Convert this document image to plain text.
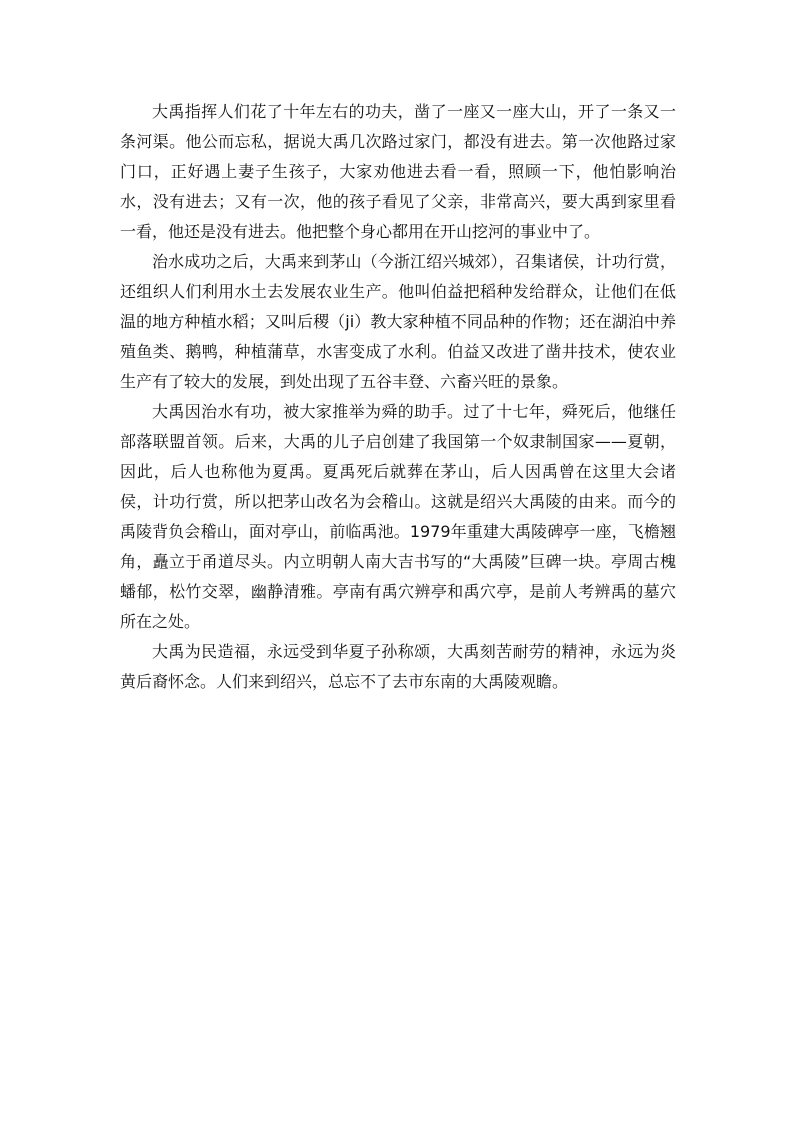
大禹指挥人们花了十年左右的功夫，凿了一座又一座大山，开了一条又一条河渠。他公而忘私，据说大禹几次路过家门，都没有进去。第一次他路过家门口，正好遇上妻子生孩子，大家劝他进去看一看，照顾一下，他怕影响治水，没有进去；又有一次，他的孩子看见了父亲，非常高兴，要大禹到家里看一看，他还是没有进去。他把整个身心都用在开山挖河的事业中了。

治水成功之后，大禹来到茅山（今浙江绍兴城郊），召集诸侯，计功行赏，还组织人们利用水土去发展农业生产。他叫伯益把稻种发给群众，让他们在低温的地方种植水稻；又叫后稷（ji）教大家种植不同品种的作物；还在湖泊中养殖鱼类、鹅鸭，种植蒲草，水害变成了水利。伯益又改进了凿井技术，使农业生产有了较大的发展，到处出现了五谷丰登、六畜兴旺的景象。

大禹因治水有功，被大家推举为舜的助手。过了十七年，舜死后，他继任部落联盟首领。后来，大禹的儿子启创建了我国第一个奴隶制国家——夏朝，因此，后人也称他为夏禹。夏禹死后就葬在茅山，后人因禹曾在这里大会诸侯，计功行赏，所以把茅山改名为会稽山。这就是绍兴大禹陵的由来。而今的禹陵背负会稽山，面对亭山，前临禹池。1979年重建大禹陵碑亭一座，飞檐翘角，矗立于甬道尽头。内立明朝人南大吉书写的“大禹陵”巨碑一块。亭周古槐蟠郁，松竹交翠，幽静清雅。亭南有禹穴辨亭和禹穴亭，是前人考辨禹的墓穴所在之处。

大禹为民造福，永远受到华夏子孙称颂，大禹刻苦耐劳的精神，永远为炎黄后裔怀念。人们来到绍兴，总忘不了去市东南的大禹陵观瞻。
